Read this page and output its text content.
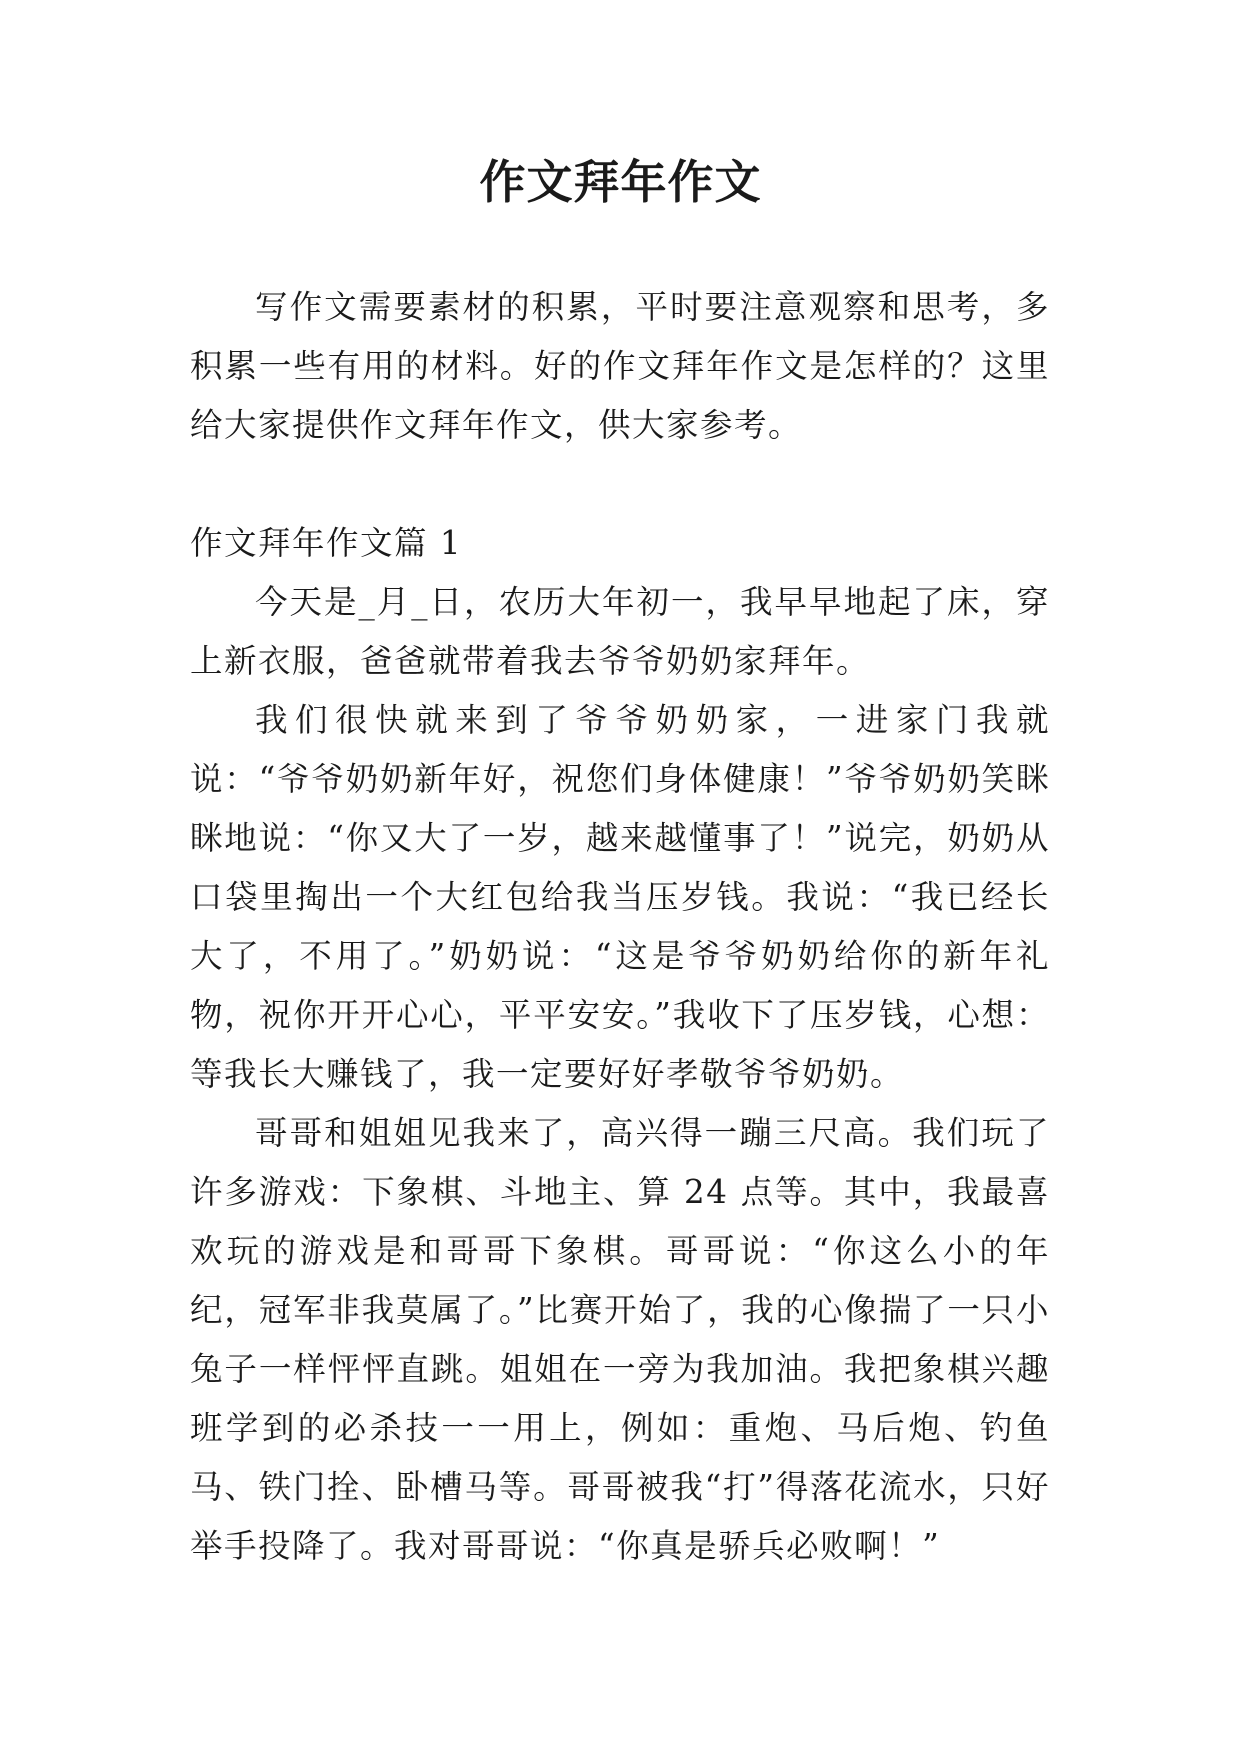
作文拜年作文

写作文需要素材的积累，平时要注意观察和思考，多积累一些有用的材料。好的作文拜年作文是怎样的？这里给大家提供作文拜年作文，供大家参考。

作文拜年作文篇 1

今天是_月_日，农历大年初一，我早早地起了床，穿上新衣服，爸爸就带着我去爷爷奶奶家拜年。

我们很快就来到了爷爷奶奶家，一进家门我就说：“爷爷奶奶新年好，祝您们身体健康！”爷爷奶奶笑眯眯地说：“你又大了一岁，越来越懂事了！”说完，奶奶从口袋里掏出一个大红包给我当压岁钱。我说：“我已经长大了，不用了。”奶奶说：“这是爷爷奶奶给你的新年礼物，祝你开开心心，平平安安。”我收下了压岁钱，心想：等我长大赚钱了，我一定要好好孝敬爷爷奶奶。

哥哥和姐姐见我来了，高兴得一蹦三尺高。我们玩了许多游戏：下象棋、斗地主、算 24 点等。其中，我最喜欢玩的游戏是和哥哥下象棋。哥哥说：“你这么小的年纪，冠军非我莫属了。”比赛开始了，我的心像揣了一只小兔子一样怦怦直跳。姐姐在一旁为我加油。我把象棋兴趣班学到的必杀技一一用上，例如：重炮、马后炮、钓鱼马、铁门拴、卧槽马等。哥哥被我“打”得落花流水，只好举手投降了。我对哥哥说：“你真是骄兵必败啊！”
